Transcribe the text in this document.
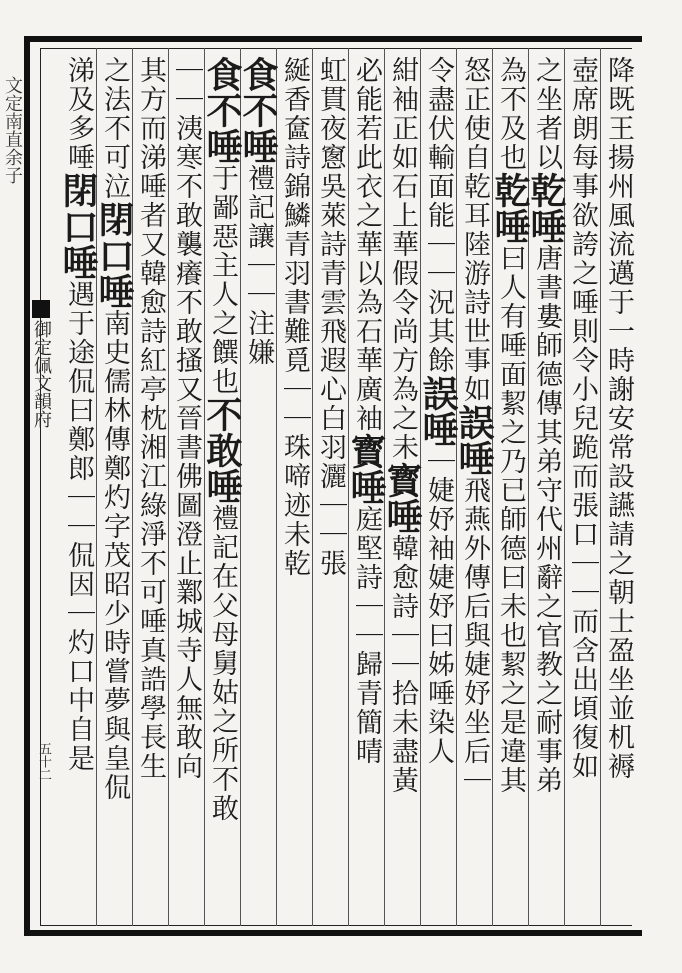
文定南直余子
御定佩文韻府
五十二	降既王揚州風流邁于一時謝安常設讌請之朝士盈坐並机褥
壺席朗每事欲誇之唾則令小兒跪而張口｜｜而含出頃復如
之坐者以乾唾唐書婁師德傳其弟守代州辭之官教之耐事弟
為不及也乾唾曰人有唾面絜之乃已師德曰未也絜之是違其
怒正使自乾耳陸游詩世事如誤唾飛燕外傳后與婕妤坐后｜
令盡伏輸面能｜｜況其餘誤唾｜婕妤袖婕妤曰姊唾染人
紺袖正如石上華假令尚方為之未寳唾韓愈詩｜｜拾未盡黃
必能若此衣之華以為石華廣袖寳唾庭堅詩｜｜歸青簡晴
虹貫夜窻吳萊詩青雲飛遐心白羽灑｜｜張
綖香奩詩錦鱗青羽書難覓｜｜珠啼迹未乾
食不唾禮記讓｜｜注嫌
食不唾于鄙惡主人之饌也不敢唾禮記在父母舅姑之所不敢
｜｜洟寒不敢襲癢不敢搔又晉書佛圖澄止鄴城寺人無敢向
其方而涕唾者又韓愈詩紅亭枕湘江綠淨不可唾真誥學長生
之法不可泣閉口唾南史儒林傳鄭灼字茂昭少時嘗夢與皇侃
涕及多唾閉口唾遇于途侃曰鄭郎｜｜侃因｜灼口中自是
